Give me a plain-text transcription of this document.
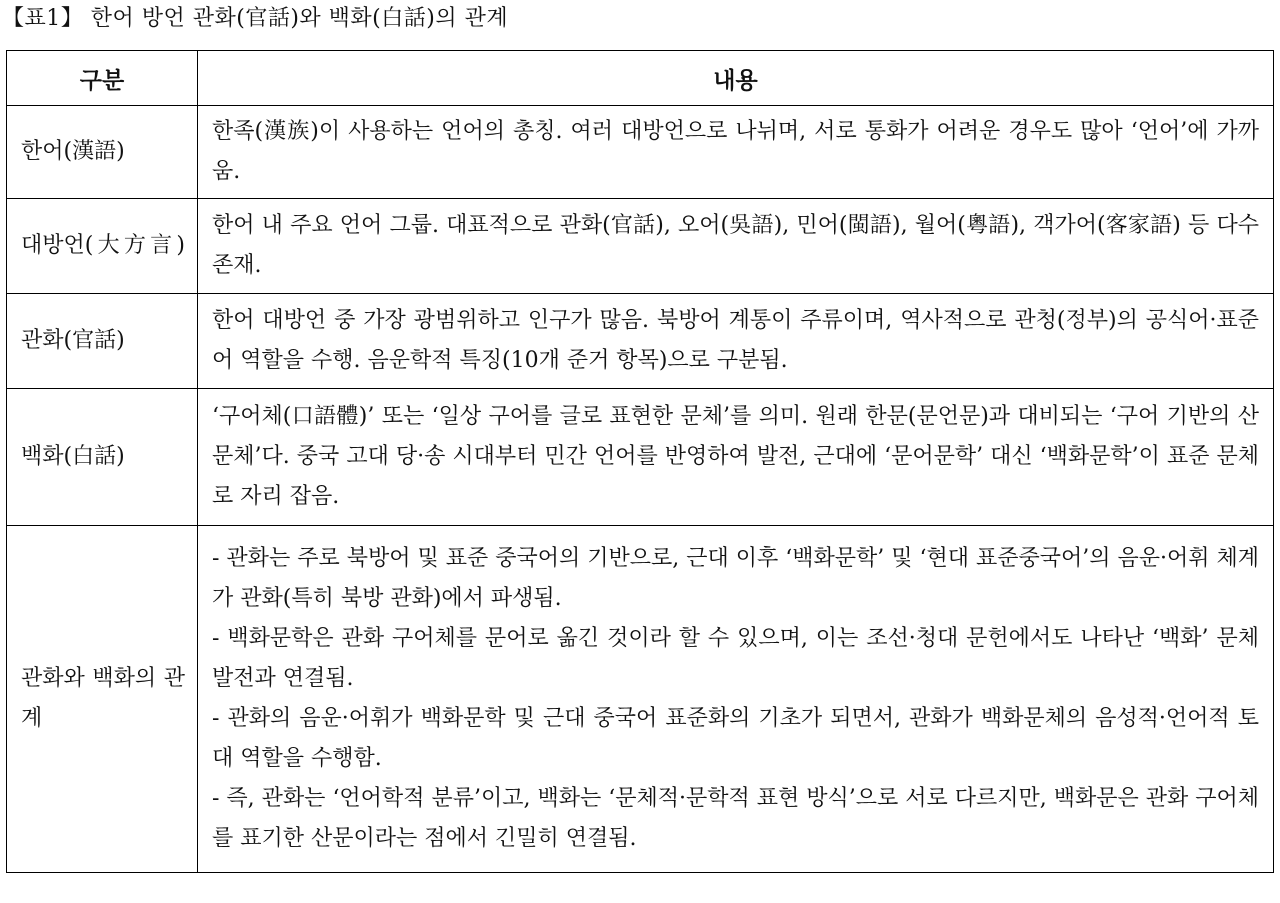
【표1】 한어 방언 관화(官話)와 백화(白話)의 관계
구분	내용
한어(漢語)	한족(漢族)이 사용하는 언어의 총칭. 여러 대방언으로 나뉘며, 서로 통화가 어려운 경우도 많아 ‘언어’에 가까움.

대방언(大方言)	한어 내 주요 언어 그룹. 대표적으로 관화(官話), 오어(吳語), 민어(閩語), 월어(粵語), 객가어(客家語) 등 다수 존재.

관화(官話)	한어 대방언 중 가장 광범위하고 인구가 많음. 북방어 계통이 주류이며, 역사적으로 관청(정부)의 공식어·표준어 역할을 수행. 음운학적 특징(10개 준거 항목)으로 구분됨.

백화(白話)	‘구어체(口語體)’ 또는 ‘일상 구어를 글로 표현한 문체’를 의미. 원래 한문(문언문)과 대비되는 ‘구어 기반의 산문체’다. 중국 고대 당·송 시대부터 민간 언어를 반영하여 발전, 근대에 ‘문어문학’ 대신 ‘백화문학’이 표준 문체로 자리 잡음.

관화와 백화의 관계	- 관화는 주로 북방어 및 표준 중국어의 기반으로, 근대 이후 ‘백화문학’ 및 ‘현대 표준중국어’의 음운·어휘 체계가 관화(특히 북방 관화)에서 파생됨.
- 백화문학은 관화 구어체를 문어로 옮긴 것이라 할 수 있으며, 이는 조선·청대 문헌에서도 나타난 ‘백화’ 문체 발전과 연결됨.
- 관화의 음운·어휘가 백화문학 및 근대 중국어 표준화의 기초가 되면서, 관화가 백화문체의 음성적·언어적 토대 역할을 수행함.
- 즉, 관화는 ‘언어학적 분류’이고, 백화는 ‘문체적·문학적 표현 방식’으로 서로 다르지만, 백화문은 관화 구어체를 표기한 산문이라는 점에서 긴밀히 연결됨.
